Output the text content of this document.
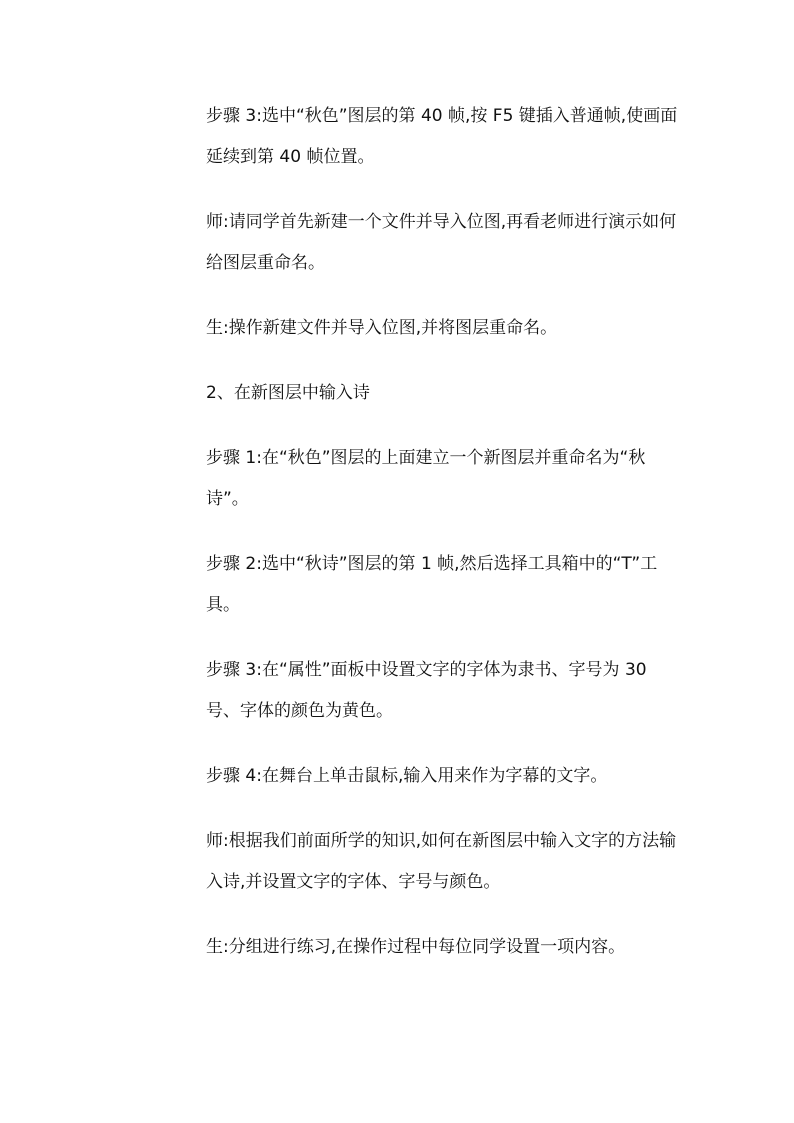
步骤 3:选中“秋色”图层的第 40 帧,按 F5 键插入普通帧,使画面延续到第 40 帧位置。

师:请同学首先新建一个文件并导入位图,再看老师进行演示如何给图层重命名。

生:操作新建文件并导入位图,并将图层重命名。

2、在新图层中输入诗

步骤 1:在“秋色”图层的上面建立一个新图层并重命名为“秋诗”。

步骤 2:选中“秋诗”图层的第 1 帧,然后选择工具箱中的“T”工具。

步骤 3:在“属性”面板中设置文字的字体为隶书、字号为 30 号、字体的颜色为黄色。

步骤 4:在舞台上单击鼠标,输入用来作为字幕的文字。

师:根据我们前面所学的知识,如何在新图层中输入文字的方法输入诗,并设置文字的字体、字号与颜色。

生:分组进行练习,在操作过程中每位同学设置一项内容。
